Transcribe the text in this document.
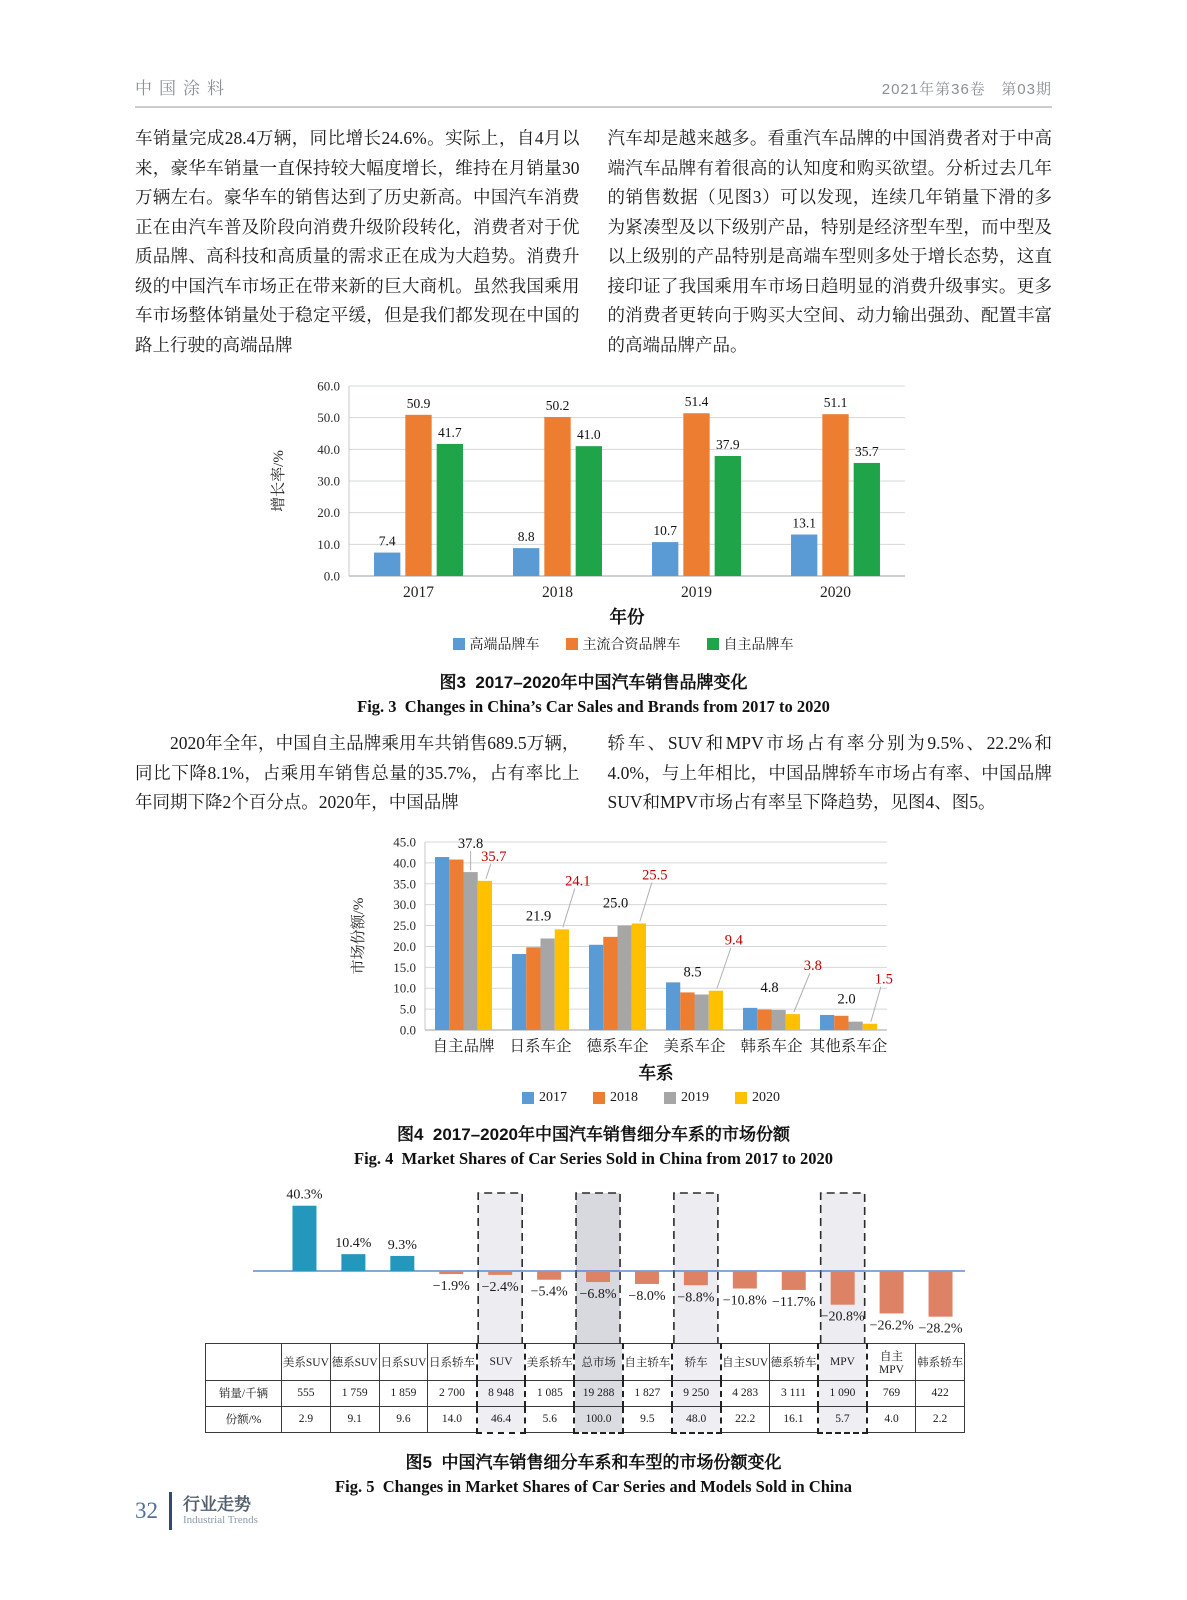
中国涂料	2021年第36卷   第03期

车销量完成28.4万辆，同比增长24.6%。实际上，自4月以来，豪华车销量一直保持较大幅度增长，维持在月销量30万辆左右。豪华车的销售达到了历史新高。中国汽车消费正在由汽车普及阶段向消费升级阶段转化，消费者对于优质品牌、高科技和高质量的需求正在成为大趋势。消费升级的中国汽车市场正在带来新的巨大商机。虽然我国乘用车市场整体销量处于稳定平缓，但是我们都发现在中国的路上行驶的高端品牌

汽车却是越来越多。看重汽车品牌的中国消费者对于中高端汽车品牌有着很高的认知度和购买欲望。分析过去几年的销售数据（见图3）可以发现，连续几年销量下滑的多为紧凑型及以下级别产品，特别是经济型车型，而中型及以上级别的产品特别是高端车型则多处于增长态势，这直接印证了我国乘用车市场日趋明显的消费升级事实。更多的消费者更转向于购买大空间、动力输出强劲、配置丰富的高端品牌产品。

0.0
10.0
20.0
30.0
40.0
50.0
60.0
2017	2018	2019	2020
年份
增长率/%
7.4	8.8	10.7
13.1
50.9	50.2	51.4	51.1
41.7	41.0
37.9	35.7
高端品牌车	主流合资品牌车	自主品牌车
图3  2017–2020年中国汽车销售品牌变化
Fig. 3  Changes in China’s Car Sales and Brands from 2017 to 2020

2020年全年，中国自主品牌乘用车共销售689.5万辆，同比下降8.1%，占乘用车销售总量的35.7%，占有率比上年同期下降2个百分点。2020年，中国品牌

轿车、SUV和MPV市场占有率分别为9.5%、22.2%和4.0%，与上年相比，中国品牌轿车市场占有率、中国品牌SUV和MPV市场占有率呈下降趋势，见图4、图5。

0.0
5.0
10.0
15.0
20.0
25.0
30.0
35.0
40.0
45.0
自主品牌 日系车企 德系车企 美系车企 韩系车企 其他系车企
车系
市场份额/%
37.8
21.9
25.0
8.5
4.8
2.0
35.7
24.1	25.5
9.4
3.8
1.5
2017	2018	2019	2020
图4  2017–2020年中国汽车销售细分车系的市场份额
Fig. 4  Market Shares of Car Series Sold in China from 2017 to 2020
40.3%
10.4% 9.3%
−1.9% −2.4% −5.4% −6.8% −8.0% −8.8% −10.8% −11.7%
−20.8%
−26.2% −28.2%
	美系SUV	德系SUV	日系SUV	日系轿车	SUV	美系轿车	总市场	自主轿车	轿车	自主SUV	德系轿车	MPV	自主MPV	韩系轿车
销量/千辆	555	1 759	1 859	2 700	8 948	1 085	19 288	1 827	9 250	4 283	3 111	1 090	769	422
份额/%	2.9	9.1	9.6	14.0	46.4	5.6	100.0	9.5	48.0	22.2	16.1	5.7	4.0	2.2
图5  中国汽车销售细分车系和车型的市场份额变化
Fig. 5  Changes in Market Shares of Car Series and Models Sold in China
32 行业走势
Industrial Trends
